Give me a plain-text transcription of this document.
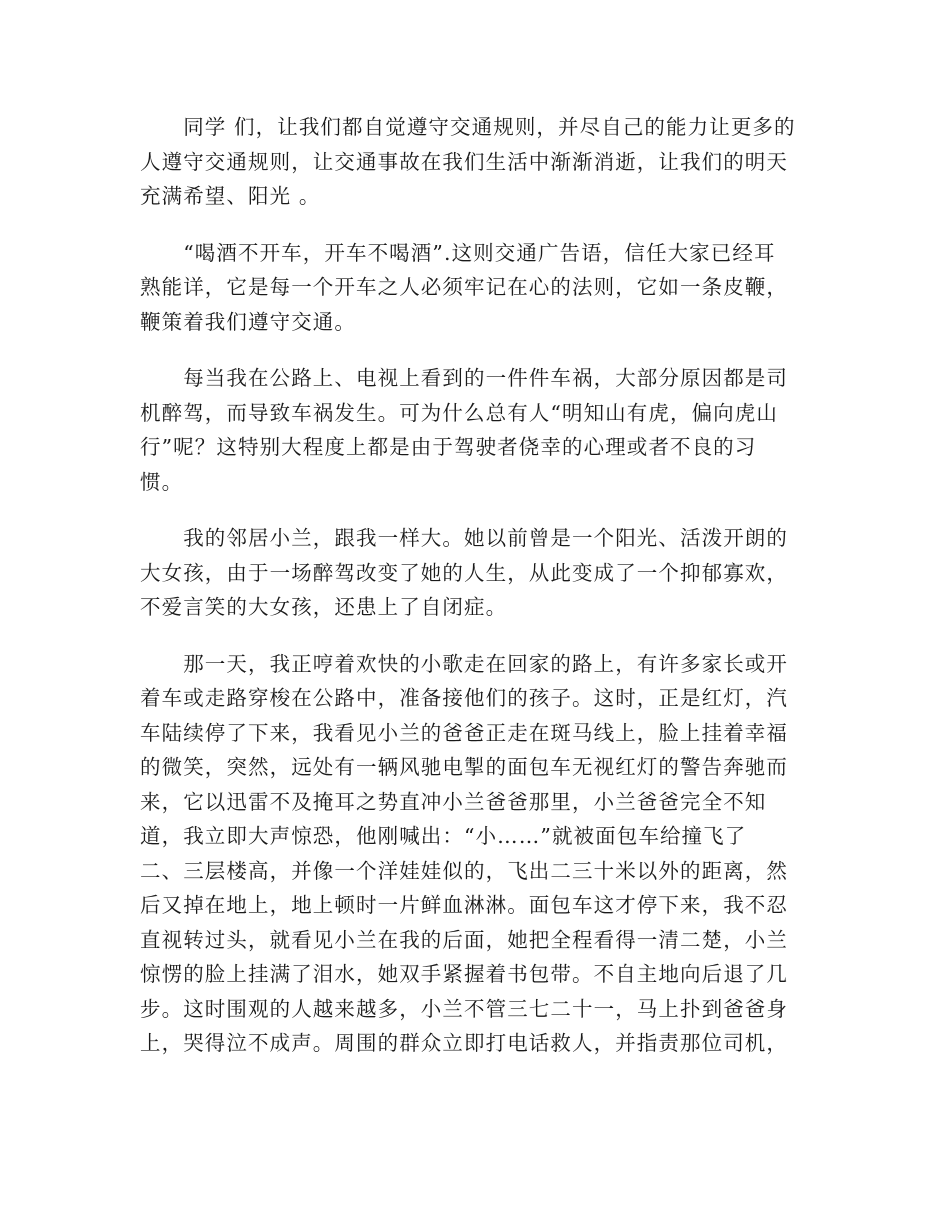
　　同学 们，让我们都自觉遵守交通规则，并尽自己的能力让更多的
人遵守交通规则，让交通事故在我们生活中渐渐消逝，让我们的明天
充满希望、阳光 。

　　“喝酒不开车，开车不喝酒”.这则交通广告语，信任大家已经耳
熟能详，它是每一个开车之人必须牢记在心的法则，它如一条皮鞭，
鞭策着我们遵守交通。

　　每当我在公路上、电视上看到的一件件车祸，大部分原因都是司
机醉驾，而导致车祸发生。可为什么总有人“明知山有虎，偏向虎山
行”呢？这特别大程度上都是由于驾驶者侥幸的心理或者不良的习
惯。

　　我的邻居小兰，跟我一样大。她以前曾是一个阳光、活泼开朗的
大女孩，由于一场醉驾改变了她的人生，从此变成了一个抑郁寡欢，
不爱言笑的大女孩，还患上了自闭症。

　　那一天，我正哼着欢快的小歌走在回家的路上，有许多家长或开
着车或走路穿梭在公路中，准备接他们的孩子。这时，正是红灯，汽
车陆续停了下来，我看见小兰的爸爸正走在斑马线上，脸上挂着幸福
的微笑，突然，远处有一辆风驰电掣的面包车无视红灯的警告奔驰而
来，它以迅雷不及掩耳之势直冲小兰爸爸那里，小兰爸爸完全不知
道，我立即大声惊恐，他刚喊出：“小……”就被面包车给撞飞了
二、三层楼高，并像一个洋娃娃似的，飞出二三十米以外的距离，然
后又掉在地上，地上顿时一片鲜血淋淋。面包车这才停下来，我不忍
直视转过头，就看见小兰在我的后面，她把全程看得一清二楚，小兰
惊愣的脸上挂满了泪水，她双手紧握着书包带。不自主地向后退了几
步。这时围观的人越来越多，小兰不管三七二十一，马上扑到爸爸身
上，哭得泣不成声。周围的群众立即打电话救人，并指责那位司机，
